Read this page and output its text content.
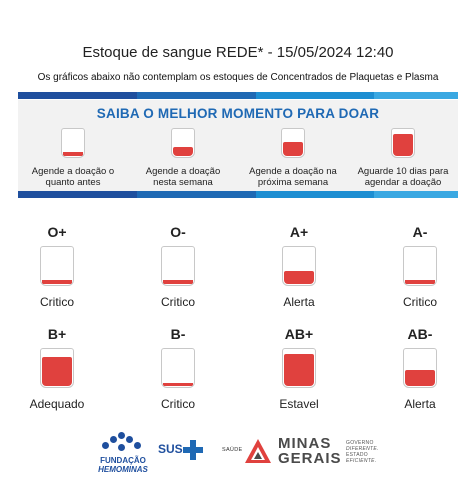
Estoque de sangue REDE* - 15/05/2024 12:40
Os gráficos abaixo não contemplam os estoques de Concentrados de Plaquetas e Plasma
SAIBA O MELHOR MOMENTO PARA DOAR
Agende a doação o
quanto antes
Agende a doação
nesta semana
Agende a doação na
próxima semana
Aguarde 10 dias para
agendar a doação
O+
Critico
O-
Critico
A+
Alerta
A-
Critico
B+
Adequado
B-
Critico
AB+
Estavel
AB-
Alerta
FUNDAÇÃO
HEMOMINAS
SUS	SAÚDE MINAS
GERAIS
GOVERNO
DIFERENTE.
ESTADO
EFICIENTE.
